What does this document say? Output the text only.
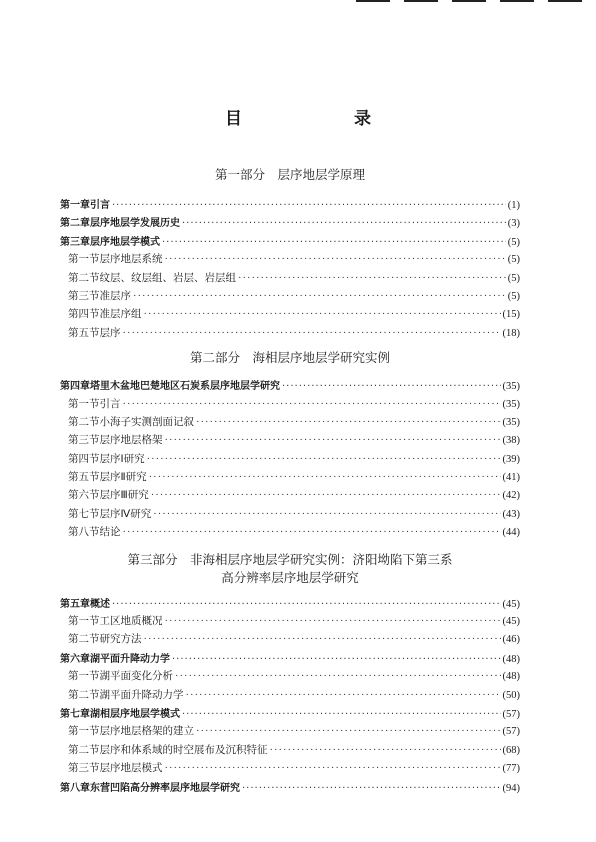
目　　录
第一部分　层序地层学原理
第一章 引言 ·····	(1)
第二章 层序地层学发展历史 ·····	(3)
第三章 层序地层学模式 ·····	(5)
第一节 层序地层系统 ·····	(5)
第二节 纹层、纹层组、岩层、岩层组 ·····	(5)
第三节 准层序 ·····	(5)
第四节 准层序组 ·····	(15)
第五节 层序 ·····	(18)
第二部分　海相层序地层学研究实例
第四章 塔里木盆地巴楚地区石炭系层序地层学研究 ·····	(35)
第一节 引言 ·····	(35)
第二节 小海子实测剖面记叙 ·····	(35)
第三节 层序地层格架 ·····	(38)
第四节 层序Ⅰ研究 ·····	(39)
第五节 层序Ⅱ研究 ·····	(41)
第六节 层序Ⅲ研究 ·····	(42)
第七节 层序Ⅳ研究 ·····	(43)
第八节 结论 ·····	(44)
第三部分　非海相层序地层学研究实例：济阳坳陷下第三系
高分辨率层序地层学研究
第五章 概述 ·····	(45)
第一节 工区地质概况 ·····	(45)
第二节 研究方法 ·····	(46)
第六章 湖平面升降动力学 ·····	(48)
第一节 湖平面变化分析 ·····	(48)
第二节 湖平面升降动力学 ·····	(50)
第七章 湖相层序地层学模式 ·····	(57)
第一节 层序地层格架的建立 ·····	(57)
第二节 层序和体系域的时空展布及沉积特征 ·····	(68)
第三节 层序地层模式 ·····	(77)
第八章 东营凹陷高分辨率层序地层学研究 ·····	(94)
